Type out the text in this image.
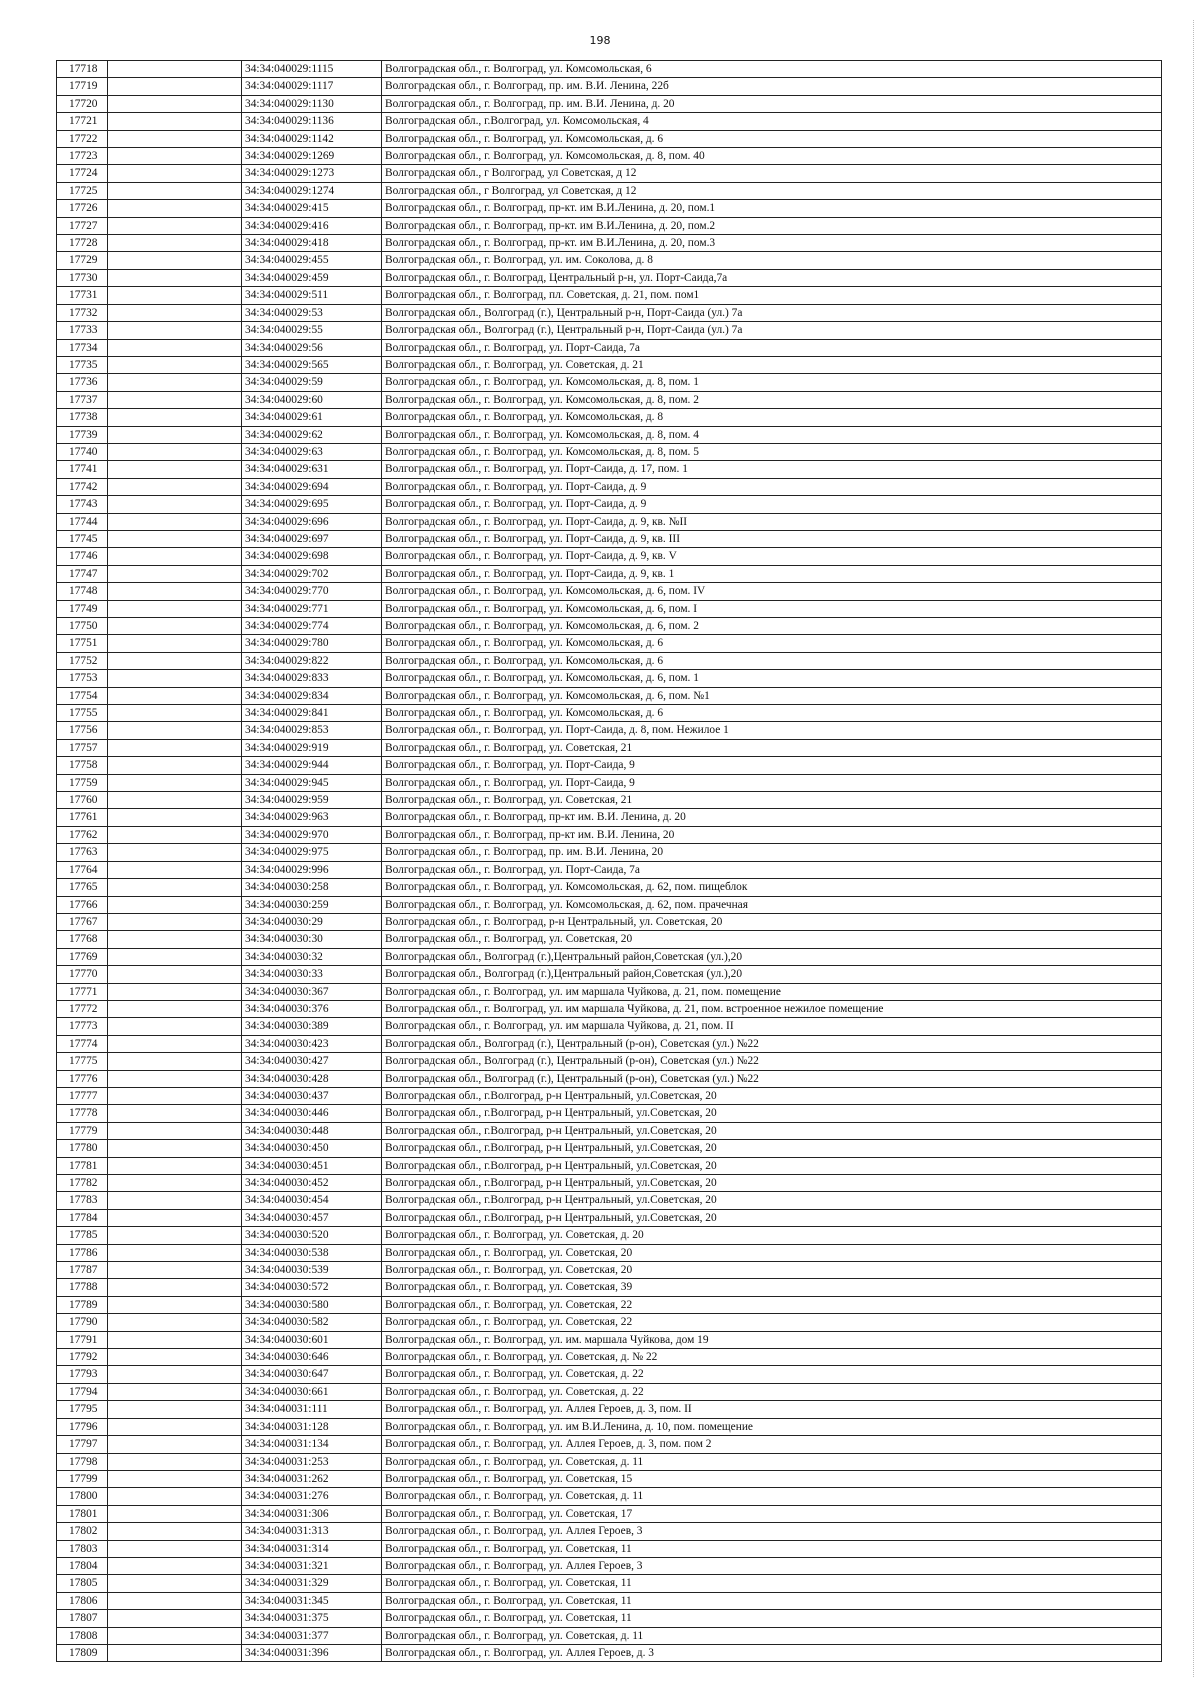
198
17718		34:34:040029:1115	Волгоградская обл., г. Волгоград, ул. Комсомольская, 6
17719		34:34:040029:1117	Волгоградская обл., г. Волгоград, пр. им. В.И. Ленина, 22б
17720		34:34:040029:1130	Волгоградская обл., г. Волгоград, пр. им. В.И. Ленина, д. 20
17721		34:34:040029:1136	Волгоградская обл., г.Волгоград, ул. Комсомольская, 4
17722		34:34:040029:1142	Волгоградская обл., г. Волгоград, ул. Комсомольская, д. 6
17723		34:34:040029:1269	Волгоградская обл., г. Волгоград, ул. Комсомольская, д. 8, пом. 40
17724		34:34:040029:1273	Волгоградская обл., г Волгоград, ул Советская, д 12
17725		34:34:040029:1274	Волгоградская обл., г Волгоград, ул Советская, д 12
17726		34:34:040029:415	Волгоградская обл., г. Волгоград, пр-кт. им В.И.Ленина, д. 20, пом.1
17727		34:34:040029:416	Волгоградская обл., г. Волгоград, пр-кт. им В.И.Ленина, д. 20, пом.2
17728		34:34:040029:418	Волгоградская обл., г. Волгоград, пр-кт. им В.И.Ленина, д. 20, пом.3
17729		34:34:040029:455	Волгоградская обл., г. Волгоград, ул. им. Соколова, д. 8
17730		34:34:040029:459	Волгоградская обл., г. Волгоград, Центральный р-н, ул. Порт-Саида,7а
17731		34:34:040029:511	Волгоградская обл., г. Волгоград, пл. Советская, д. 21, пом. пом1
17732		34:34:040029:53	Волгоградская обл., Волгоград (г.), Центральный р-н, Порт-Саида (ул.) 7а
17733		34:34:040029:55	Волгоградская обл., Волгоград (г.), Центральный р-н, Порт-Саида (ул.) 7а
17734		34:34:040029:56	Волгоградская обл., г. Волгоград, ул. Порт-Саида, 7а
17735		34:34:040029:565	Волгоградская обл., г. Волгоград, ул. Советская, д. 21
17736		34:34:040029:59	Волгоградская обл., г. Волгоград, ул. Комсомольская, д. 8, пом. 1
17737		34:34:040029:60	Волгоградская обл., г. Волгоград, ул. Комсомольская, д. 8, пом. 2
17738		34:34:040029:61	Волгоградская обл., г. Волгоград, ул. Комсомольская, д. 8
17739		34:34:040029:62	Волгоградская обл., г. Волгоград, ул. Комсомольская, д. 8, пом. 4
17740		34:34:040029:63	Волгоградская обл., г. Волгоград, ул. Комсомольская, д. 8, пом. 5
17741		34:34:040029:631	Волгоградская обл., г. Волгоград, ул. Порт-Саида, д. 17, пом. 1
17742		34:34:040029:694	Волгоградская обл., г. Волгоград, ул. Порт-Саида, д. 9
17743		34:34:040029:695	Волгоградская обл., г. Волгоград, ул. Порт-Саида, д. 9
17744		34:34:040029:696	Волгоградская обл., г. Волгоград, ул. Порт-Саида, д. 9, кв. №II
17745		34:34:040029:697	Волгоградская обл., г. Волгоград, ул. Порт-Саида, д. 9, кв. III
17746		34:34:040029:698	Волгоградская обл., г. Волгоград, ул. Порт-Саида, д. 9, кв. V
17747		34:34:040029:702	Волгоградская обл., г. Волгоград, ул. Порт-Саида, д. 9, кв. 1
17748		34:34:040029:770	Волгоградская обл., г. Волгоград, ул. Комсомольская, д. 6, пом. IV
17749		34:34:040029:771	Волгоградская обл., г. Волгоград, ул. Комсомольская, д. 6, пом. I
17750		34:34:040029:774	Волгоградская обл., г. Волгоград, ул. Комсомольская, д. 6, пом. 2
17751		34:34:040029:780	Волгоградская обл., г. Волгоград, ул. Комсомольская, д. 6
17752		34:34:040029:822	Волгоградская обл., г. Волгоград, ул. Комсомольская, д. 6
17753		34:34:040029:833	Волгоградская обл., г. Волгоград, ул. Комсомольская, д. 6, пом. 1
17754		34:34:040029:834	Волгоградская обл., г. Волгоград, ул. Комсомольская, д. 6, пом. №1
17755		34:34:040029:841	Волгоградская обл., г. Волгоград, ул. Комсомольская, д. 6
17756		34:34:040029:853	Волгоградская обл., г. Волгоград, ул. Порт-Саида, д. 8, пом. Нежилое 1
17757		34:34:040029:919	Волгоградская обл., г. Волгоград, ул. Советская, 21
17758		34:34:040029:944	Волгоградская обл., г. Волгоград, ул. Порт-Саида, 9
17759		34:34:040029:945	Волгоградская обл., г. Волгоград, ул. Порт-Саида, 9
17760		34:34:040029:959	Волгоградская обл., г. Волгоград, ул. Советская, 21
17761		34:34:040029:963	Волгоградская обл., г. Волгоград, пр-кт им. В.И. Ленина, д. 20
17762		34:34:040029:970	Волгоградская обл., г. Волгоград, пр-кт им. В.И. Ленина, 20
17763		34:34:040029:975	Волгоградская обл., г. Волгоград, пр. им. В.И. Ленина, 20
17764		34:34:040029:996	Волгоградская обл., г. Волгоград, ул. Порт-Саида, 7а
17765		34:34:040030:258	Волгоградская обл., г. Волгоград, ул. Комсомольская, д. 62, пом. пищеблок
17766		34:34:040030:259	Волгоградская обл., г. Волгоград, ул. Комсомольская, д. 62, пом. прачечная
17767		34:34:040030:29	Волгоградская обл., г. Волгоград, р-н Центральный, ул. Советская, 20
17768		34:34:040030:30	Волгоградская обл., г. Волгоград, ул. Советская, 20
17769		34:34:040030:32	Волгоградская обл., Волгоград (г.),Центральный район,Советская (ул.),20
17770		34:34:040030:33	Волгоградская обл., Волгоград (г.),Центральный район,Советская (ул.),20
17771		34:34:040030:367	Волгоградская обл., г. Волгоград, ул. им маршала Чуйкова, д. 21, пом. помещение
17772		34:34:040030:376	Волгоградская обл., г. Волгоград, ул. им маршала Чуйкова, д. 21, пом. встроенное нежилое помещение
17773		34:34:040030:389	Волгоградская обл., г. Волгоград, ул. им маршала Чуйкова, д. 21, пом. II
17774		34:34:040030:423	Волгоградская обл., Волгоград (г.), Центральный (р-он), Советская (ул.) №22
17775		34:34:040030:427	Волгоградская обл., Волгоград (г.), Центральный (р-он), Советская (ул.) №22
17776		34:34:040030:428	Волгоградская обл., Волгоград (г.), Центральный (р-он), Советская (ул.) №22
17777		34:34:040030:437	Волгоградская обл., г.Волгоград, р-н Центральный, ул.Советская, 20
17778		34:34:040030:446	Волгоградская обл., г.Волгоград, р-н Центральный, ул.Советская, 20
17779		34:34:040030:448	Волгоградская обл., г.Волгоград, р-н Центральный, ул.Советская, 20
17780		34:34:040030:450	Волгоградская обл., г.Волгоград, р-н Центральный, ул.Советская, 20
17781		34:34:040030:451	Волгоградская обл., г.Волгоград, р-н Центральный, ул.Советская, 20
17782		34:34:040030:452	Волгоградская обл., г.Волгоград, р-н Центральный, ул.Советская, 20
17783		34:34:040030:454	Волгоградская обл., г.Волгоград, р-н Центральный, ул.Советская, 20
17784		34:34:040030:457	Волгоградская обл., г.Волгоград, р-н Центральный, ул.Советская, 20
17785		34:34:040030:520	Волгоградская обл., г. Волгоград, ул. Советская, д. 20
17786		34:34:040030:538	Волгоградская обл., г. Волгоград, ул. Советская, 20
17787		34:34:040030:539	Волгоградская обл., г. Волгоград, ул. Советская, 20
17788		34:34:040030:572	Волгоградская обл., г. Волгоград, ул. Советская, 39
17789		34:34:040030:580	Волгоградская обл., г. Волгоград, ул. Советская, 22
17790		34:34:040030:582	Волгоградская обл., г. Волгоград, ул. Советская, 22
17791		34:34:040030:601	Волгоградская обл., г. Волгоград, ул. им. маршала Чуйкова, дом 19
17792		34:34:040030:646	Волгоградская обл., г. Волгоград, ул. Советская, д. № 22
17793		34:34:040030:647	Волгоградская обл., г. Волгоград, ул. Советская, д. 22
17794		34:34:040030:661	Волгоградская обл., г. Волгоград, ул. Советская, д. 22
17795		34:34:040031:111	Волгоградская обл., г. Волгоград, ул. Аллея Героев, д. 3, пом. II
17796		34:34:040031:128	Волгоградская обл., г. Волгоград, ул. им В.И.Ленина, д. 10, пом. помещение
17797		34:34:040031:134	Волгоградская обл., г. Волгоград, ул. Аллея Героев, д. 3, пом. пом 2
17798		34:34:040031:253	Волгоградская обл., г. Волгоград, ул. Советская, д. 11
17799		34:34:040031:262	Волгоградская обл., г. Волгоград, ул. Советская, 15
17800		34:34:040031:276	Волгоградская обл., г. Волгоград, ул. Советская, д. 11
17801		34:34:040031:306	Волгоградская обл., г. Волгоград, ул. Советская, 17
17802		34:34:040031:313	Волгоградская обл., г. Волгоград, ул. Аллея Героев, 3
17803		34:34:040031:314	Волгоградская обл., г. Волгоград, ул. Советская, 11
17804		34:34:040031:321	Волгоградская обл., г. Волгоград, ул. Аллея Героев, 3
17805		34:34:040031:329	Волгоградская обл., г. Волгоград, ул. Советская, 11
17806		34:34:040031:345	Волгоградская обл., г. Волгоград, ул. Советская, 11
17807		34:34:040031:375	Волгоградская обл., г. Волгоград, ул. Советская, 11
17808		34:34:040031:377	Волгоградская обл., г. Волгоград, ул. Советская, д. 11
17809		34:34:040031:396	Волгоградская обл., г. Волгоград, ул. Аллея Героев, д. 3
